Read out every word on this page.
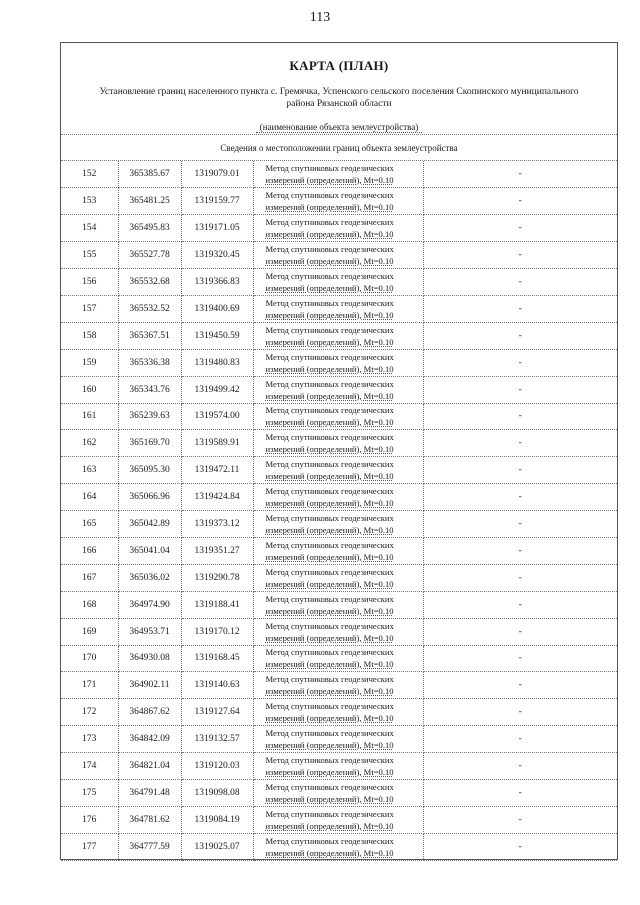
113
КАРТА (ПЛАН)
Установление границ населенного пункта с. Гремячка, Успенского сельского поселения Скопинского муниципального района Рязанской области
(наименование объекта землеустройства)
Сведения о местоположении границ объекта землеустройства
152	365385.67	1319079.01	Метод спутниковых геодезических
измерений (определений), Mt=0.10	-
153	365481.25	1319159.77	Метод спутниковых геодезических
измерений (определений), Mt=0.10	-
154	365495.83	1319171.05	Метод спутниковых геодезических
измерений (определений), Mt=0.10	-
155	365527.78	1319320.45	Метод спутниковых геодезических
измерений (определений), Mt=0.10	-
156	365532.68	1319366.83	Метод спутниковых геодезических
измерений (определений), Mt=0.10	-
157	365532.52	1319400.69	Метод спутниковых геодезических
измерений (определений), Mt=0.10	-
158	365367.51	1319450.59	Метод спутниковых геодезических
измерений (определений), Mt=0.10	-
159	365336.38	1319480.83	Метод спутниковых геодезических
измерений (определений), Mt=0.10	-
160	365343.76	1319499.42	Метод спутниковых геодезических
измерений (определений), Mt=0.10	-
161	365239.63	1319574.00	Метод спутниковых геодезических
измерений (определений), Mt=0.10	-
162	365169.70	1319589.91	Метод спутниковых геодезических
измерений (определений), Mt=0.10	-
163	365095.30	1319472.11	Метод спутниковых геодезических
измерений (определений), Mt=0.10	-
164	365066.96	1319424.84	Метод спутниковых геодезических
измерений (определений), Mt=0.10	-
165	365042.89	1319373.12	Метод спутниковых геодезических
измерений (определений), Mt=0.10	-
166	365041.04	1319351.27	Метод спутниковых геодезических
измерений (определений), Mt=0.10	-
167	365036.02	1319290.78	Метод спутниковых геодезических
измерений (определений), Mt=0.10	-
168	364974.90	1319188.41	Метод спутниковых геодезических
измерений (определений), Mt=0.10	-
169	364953.71	1319170.12	Метод спутниковых геодезических
измерений (определений), Mt=0.10	-
170	364930.08	1319168.45	Метод спутниковых геодезических
измерений (определений), Mt=0.10	-
171	364902.11	1319140.63	Метод спутниковых геодезических
измерений (определений), Mt=0.10	-
172	364867.62	1319127.64	Метод спутниковых геодезических
измерений (определений), Mt=0.10	-
173	364842.09	1319132.57	Метод спутниковых геодезических
измерений (определений), Mt=0.10	-
174	364821.04	1319120.03	Метод спутниковых геодезических
измерений (определений), Mt=0.10	-
175	364791.48	1319098.08	Метод спутниковых геодезических
измерений (определений), Mt=0.10	-
176	364781.62	1319084.19	Метод спутниковых геодезических
измерений (определений), Mt=0.10	-
177	364777.59	1319025.07	Метод спутниковых геодезических
измерений (определений), Mt=0.10	-
